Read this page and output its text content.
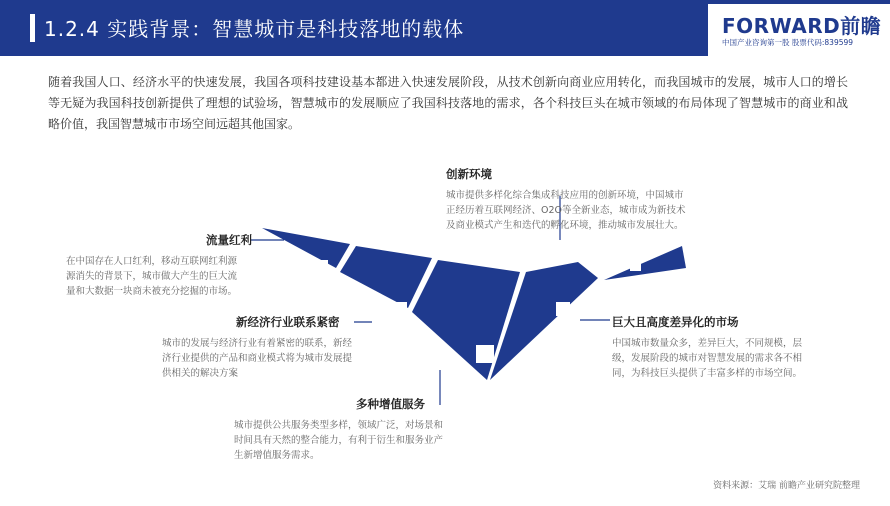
1.2.4 实践背景：智慧城市是科技落地的载体	FORWARD前瞻
中国产业咨询第一股 股票代码:839599
随着我国人口、经济水平的快速发展，我国各项科技建设基本都进入快速发展阶段，从技术创新向商业应用转化，而我国城市的发展，城市人口的增长等无疑为我国科技创新提供了理想的试验场，智慧城市的发展顺应了我国科技落地的需求，各个科技巨头在城市领域的布局体现了智慧城市的商业和战略价值，我国智慧城市市场空间远超其他国家。
流量红利
在中国存在人口红利，移动互联网红利源源消失的背景下，城市做大产生的巨大流量和大数据一块商未被充分挖掘的市场。
新经济行业联系紧密
城市的发展与经济行业有着紧密的联系，新经济行业提供的产品和商业模式将为城市发展提供相关的解决方案
多种增值服务
城市提供公共服务类型多样，领域广泛，对场景和时间具有天然的整合能力，有利于衍生和服务业产生新增值服务需求。
创新环境
城市提供多样化综合集成科技应用的创新环境，中国城市正经历着互联网经济、O2O等全新业态，城市成为新技术及商业模式产生和迭代的孵化环境，推动城市发展壮大。
巨大且高度差异化的市场
中国城市数量众多，差异巨大，不同规模，层级，发展阶段的城市对智慧发展的需求各不相同，为科技巨头提供了丰富多样的市场空间。
资料来源：艾瑞 前瞻产业研究院整理
